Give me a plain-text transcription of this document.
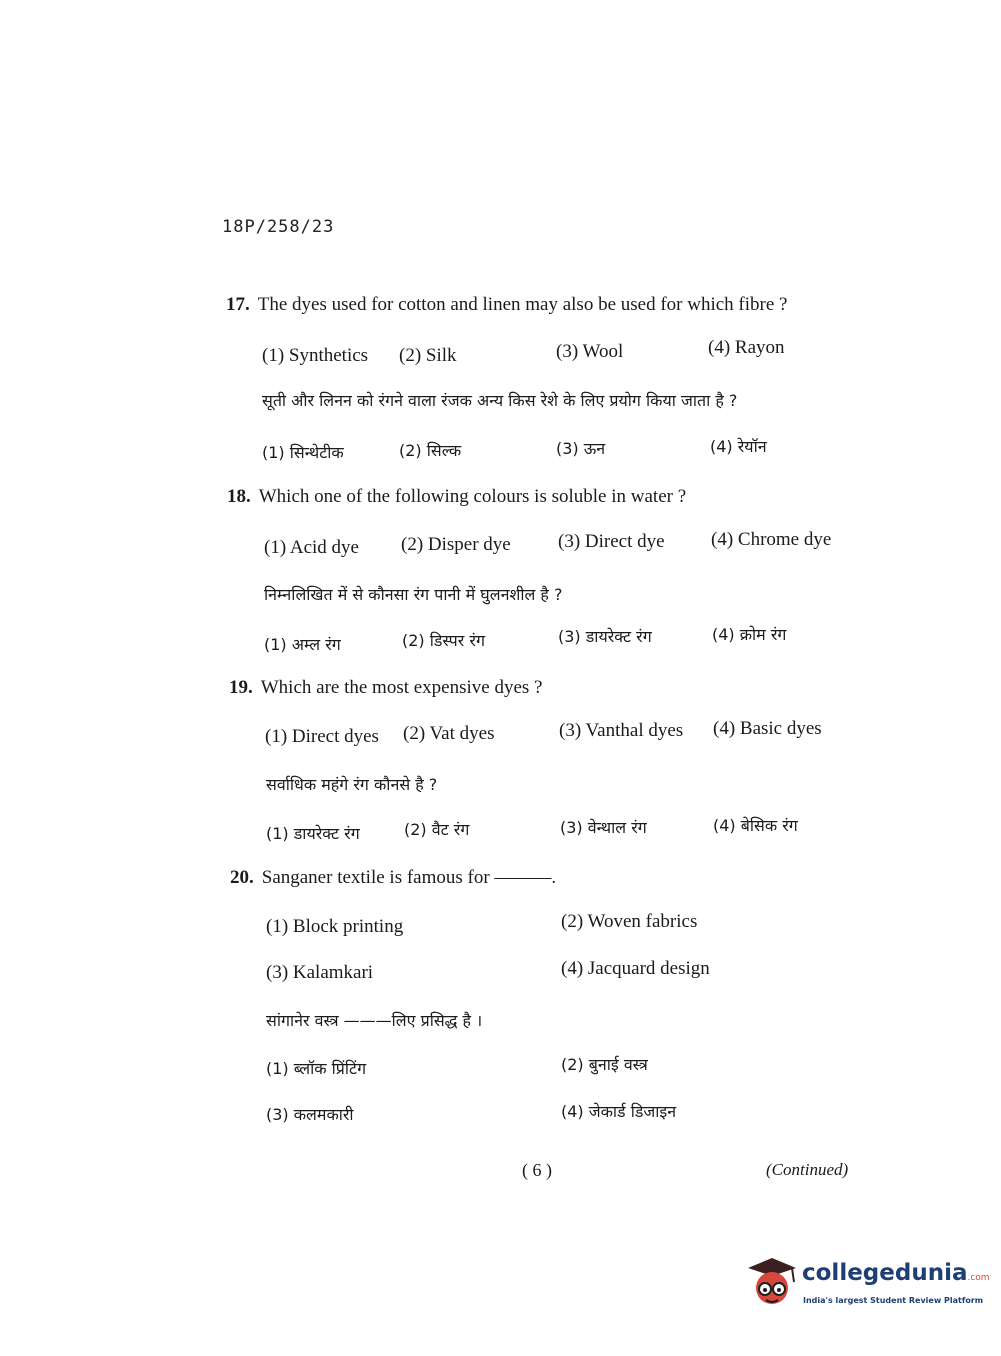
18P/258/23
17. The dyes used for cotton and linen may also be used for which fibre ?
(1) Synthetics (2) Silk	(3) Wool	(4) Rayon
सूती और लिनन को रंगने वाला रंजक अन्य किस रेशे के लिए प्रयोग किया जाता है ?
(1) सिन्थेटीक	(2) सिल्क	(3) ऊन	(4) रेयॉन
18. Which one of the following colours is soluble in water ?
(1) Acid dye (2) Disper dye (3) Direct dye (4) Chrome dye
निम्नलिखित में से कौनसा रंग पानी में घुलनशील है ?
(1) अम्ल रंग	(2) डिस्पर रंग	(3) डायरेक्ट रंग	(4) क्रोम रंग
19. Which are the most expensive dyes ?
(1) Direct dyes (2) Vat dyes	(3) Vanthal dyes (4) Basic dyes
सर्वाधिक महंगे रंग कौनसे है ?
(1) डायरेक्ट रंग	(2) वैट रंग	(3) वेन्थाल रंग	(4) बेसिक रंग
20. Sanganer textile is famous for ———.
(1) Block printing	(2) Woven fabrics
(3) Kalamkari	(4) Jacquard design
सांगानेर वस्त्र ———लिए प्रसिद्ध है ।
(1) ब्लॉक प्रिंटिंग	(2) बुनाई वस्त्र
(3) कलमकारी	(4) जेकार्ड डिजाइन
( 6 )	(Continued)
collegedunia.com
India's largest Student Review Platform
